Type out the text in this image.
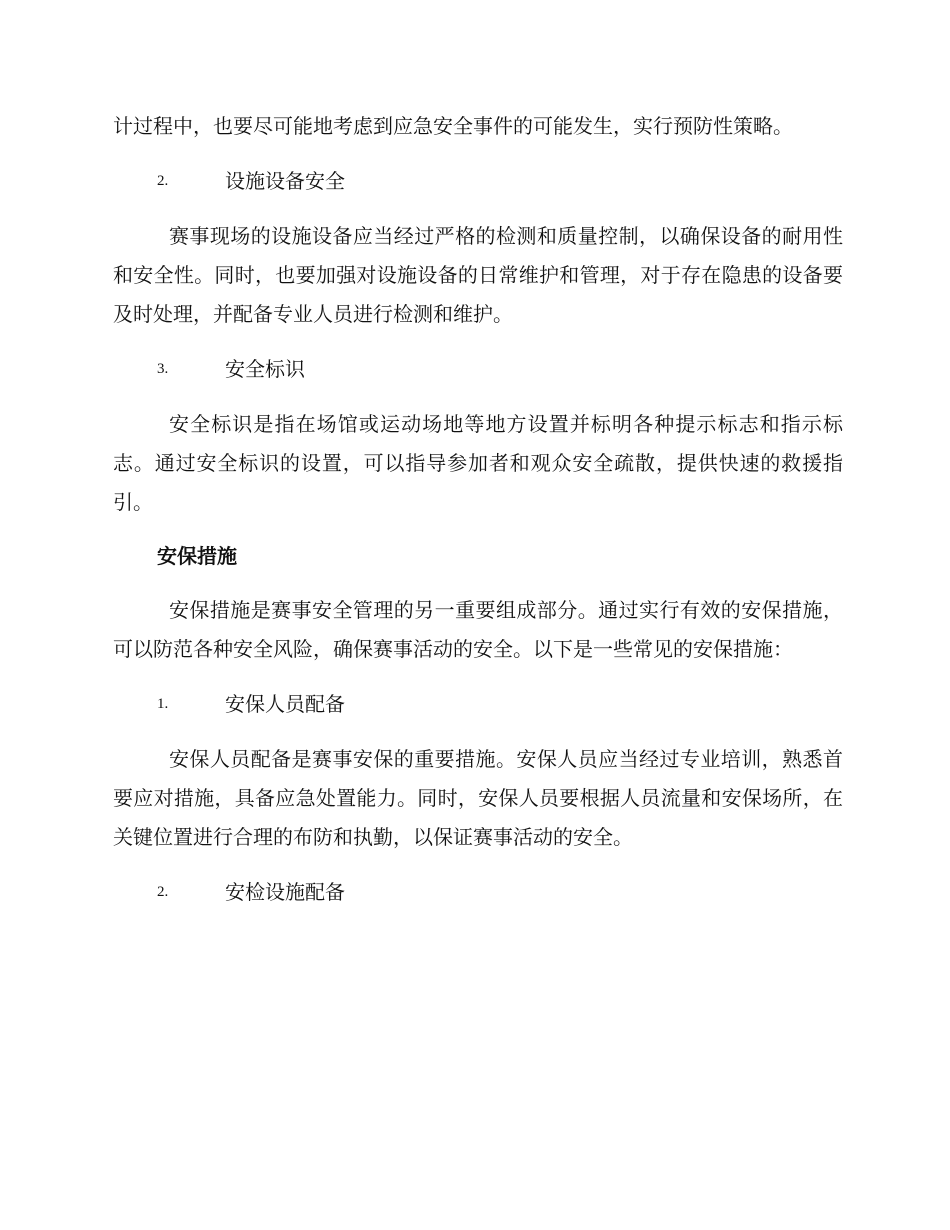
计过程中，也要尽可能地考虑到应急安全事件的可能发生，实行预防性策略。

2.	设施设备安全

赛事现场的设施设备应当经过严格的检测和质量控制，以确保设备的耐用性和安全性。同时，也要加强对设施设备的日常维护和管理，对于存在隐患的设备要及时处理，并配备专业人员进行检测和维护。

3.	安全标识

安全标识是指在场馆或运动场地等地方设置并标明各种提示标志和指示标志。通过安全标识的设置，可以指导参加者和观众安全疏散，提供快速的救援指引。

安保措施

安保措施是赛事安全管理的另一重要组成部分。通过实行有效的安保措施，可以防范各种安全风险，确保赛事活动的安全。以下是一些常见的安保措施：

1.	安保人员配备

安保人员配备是赛事安保的重要措施。安保人员应当经过专业培训，熟悉首要应对措施，具备应急处置能力。同时，安保人员要根据人员流量和安保场所，在关键位置进行合理的布防和执勤，以保证赛事活动的安全。

2.	安检设施配备
